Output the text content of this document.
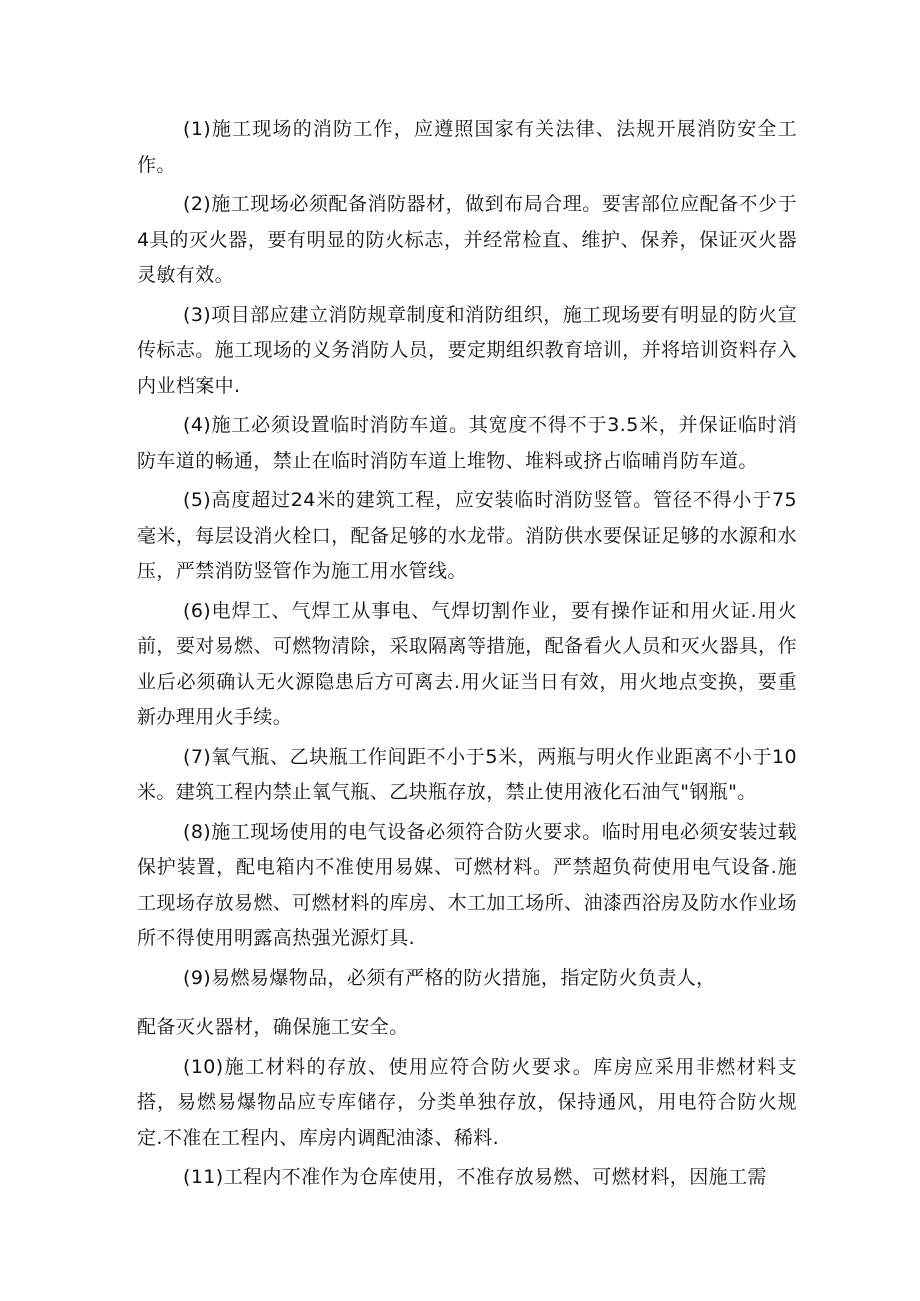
(1)施工现场的消防工作，应遵照国家有关法律、法规开展消防安全工作。

(2)施工现场必须配备消防器材，做到布局合理。要害部位应配备不少于4具的灭火器，要有明显的防火标志，并经常检直、维护、保养，保证灭火器灵敏有效。

(3)项目部应建立消防规章制度和消防组织，施工现场要有明显的防火宣传标志。施工现场的义务消防人员，要定期组织教育培训，并将培训资料存入内业档案中.

(4)施工必须设置临时消防车道。其宽度不得不于3.5米，并保证临时消防车道的畅通，禁止在临时消防车道上堆物、堆料或挤占临晡肖防车道。

(5)高度超过24米的建筑工程，应安装临时消防竖管。管径不得小于75毫米，每层设消火栓口，配备足够的水龙带。消防供水要保证足够的水源和水压，严禁消防竖管作为施工用水管线。

(6)电焊工、气焊工从事电、气焊切割作业，要有操作证和用火证.用火前，要对易燃、可燃物清除，采取隔离等措施，配备看火人员和灭火器具，作业后必须确认无火源隐患后方可离去.用火证当日有效，用火地点变换，要重新办理用火手续。

(7)氧气瓶、乙块瓶工作间距不小于5米，两瓶与明火作业距离不小于10米。建筑工程内禁止氧气瓶、乙块瓶存放，禁止使用液化石油气"钢瓶"。

(8)施工现场使用的电气设备必须符合防火要求。临时用电必须安装过载保护装置，配电箱内不准使用易媒、可燃材料。严禁超负荷使用电气设备.施工现场存放易燃、可燃材料的库房、木工加工场所、油漆西浴房及防水作业场所不得使用明露高热强光源灯具.

(9)易燃易爆物品，必须有严格的防火措施，指定防火负责人，

配备灭火器材，确保施工安全。

(10)施工材料的存放、使用应符合防火要求。库房应采用非燃材料支搭，易燃易爆物品应专库储存，分类单独存放，保持通风，用电符合防火规定.不准在工程内、库房内调配油漆、稀料.

(11)工程内不准作为仓库使用，不准存放易燃、可燃材料，因施工需
